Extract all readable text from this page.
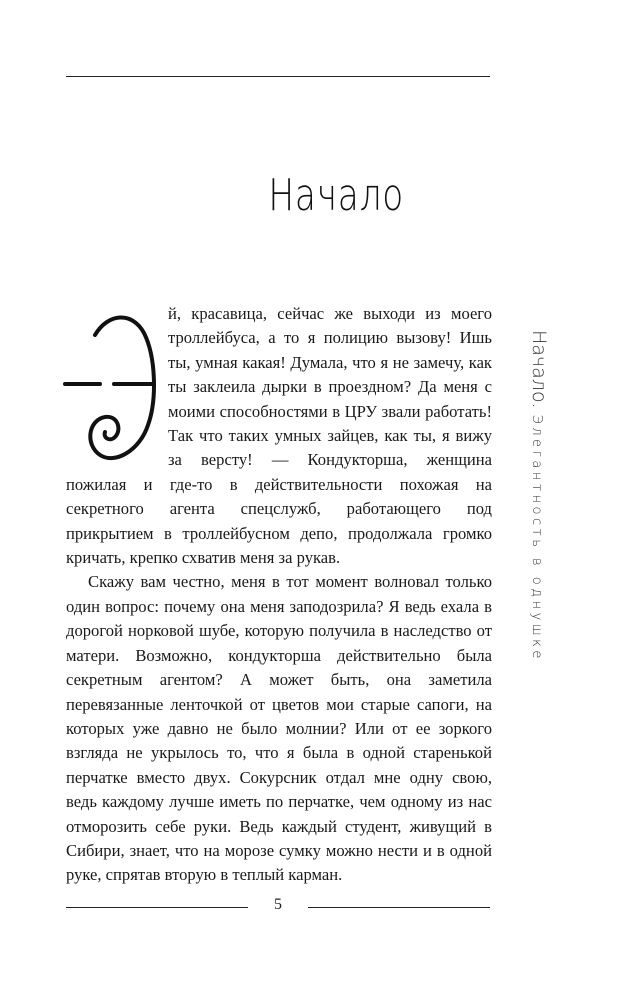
Начало

й, красавица, сейчас же выходи из моего троллейбуса, а то я полицию вызову! Ишь ты, умная какая! Думала, что я не замечу, как ты заклеила дырки в проездном? Да меня с моими способностями в ЦРУ звали работать! Так что таких умных зайцев, как ты, я вижу за версту! — Кондукторша, женщина пожилая и где-то в действительности похожая на секретного агента спецслужб, работающего под прикрытием в троллейбусном депо, продолжала громко кричать, крепко схватив меня за рукав.

Скажу вам честно, меня в тот момент волновал только один вопрос: почему она меня заподозрила? Я ведь ехала в дорогой норковой шубе, которую получила в наследство от матери. Возможно, кондукторша действительно была секретным агентом? А может быть, она заметила перевязанные ленточкой от цветов мои старые сапоги, на которых уже давно не было молнии? Или от ее зоркого взгляда не укрылось то, что я была в одной старенькой перчатке вместо двух. Сокурсник отдал мне одну свою, ведь каждому лучше иметь по перчатке, чем одному из нас отморозить себе руки. Ведь каждый студент, живущий в Сибири, знает, что на морозе сумку можно нести и в одной руке, спрятав вторую в теплый карман.

Начало. Элегантность в однушке
5
